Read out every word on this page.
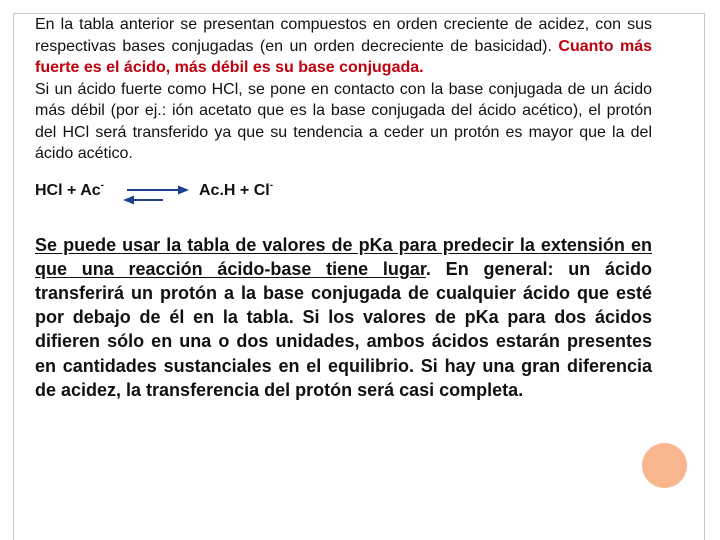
En la tabla anterior se presentan compuestos en orden creciente de acidez, con sus respectivas bases conjugadas (en un orden decreciente de basicidad). Cuanto más fuerte es el ácido, más débil es su base conjugada.
Si un ácido fuerte como HCl, se pone en contacto con la base conjugada de un ácido más débil (por ej.: ión acetato que es la base conjugada del ácido acético), el protón del HCl será transferido ya que su tendencia a ceder un protón es mayor que la del ácido acético.

HCl + Ac-	Ac.H + Cl-

Se puede usar la tabla de valores de pKa para predecir la extensión en que una reacción ácido-base tiene lugar. En general: un ácido transferirá un protón a la base conjugada de cualquier ácido que esté por debajo de él en la tabla. Si los valores de pKa para dos ácidos difieren sólo en una o dos unidades, ambos ácidos estarán presentes en cantidades sustanciales en el equilibrio. Si hay una gran diferencia de acidez, la transferencia del protón será casi completa.
